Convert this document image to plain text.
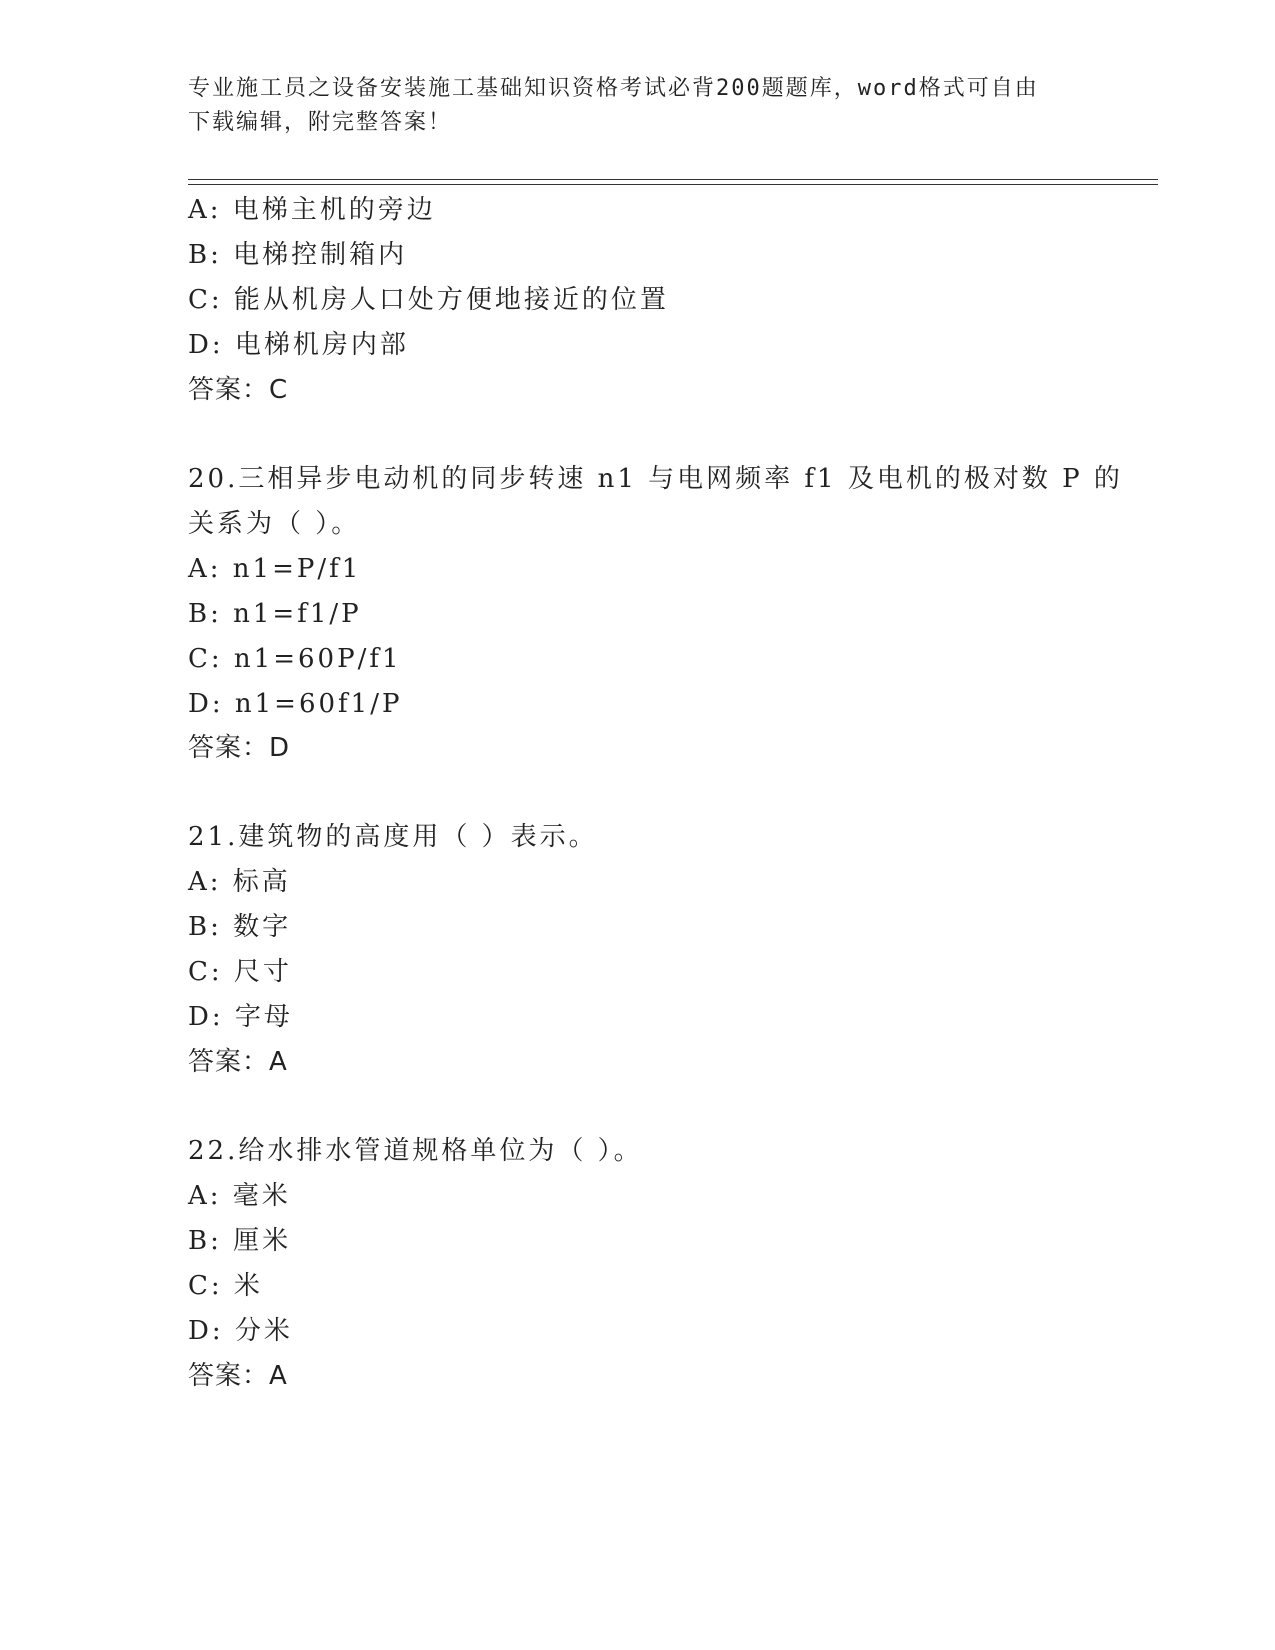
专业施工员之设备安装施工基础知识资格考试必背200题题库，word格式可自由
下载编辑，附完整答案！
A: 电梯主机的旁边
B: 电梯控制箱内
C: 能从机房人口处方便地接近的位置
D: 电梯机房内部
答案：C
20.三相异步电动机的同步转速 n1 与电网频率 f1 及电机的极对数 P 的
关系为（ ）。
A: n1=P/f1
B: n1=f1/P
C: n1=60P/f1
D: n1=60f1/P
答案：D
21.建筑物的高度用（ ）表示。
A: 标高
B: 数字
C: 尺寸
D: 字母
答案：A
22.给水排水管道规格单位为（ ）。
A: 毫米
B: 厘米
C: 米
D: 分米
答案：A
